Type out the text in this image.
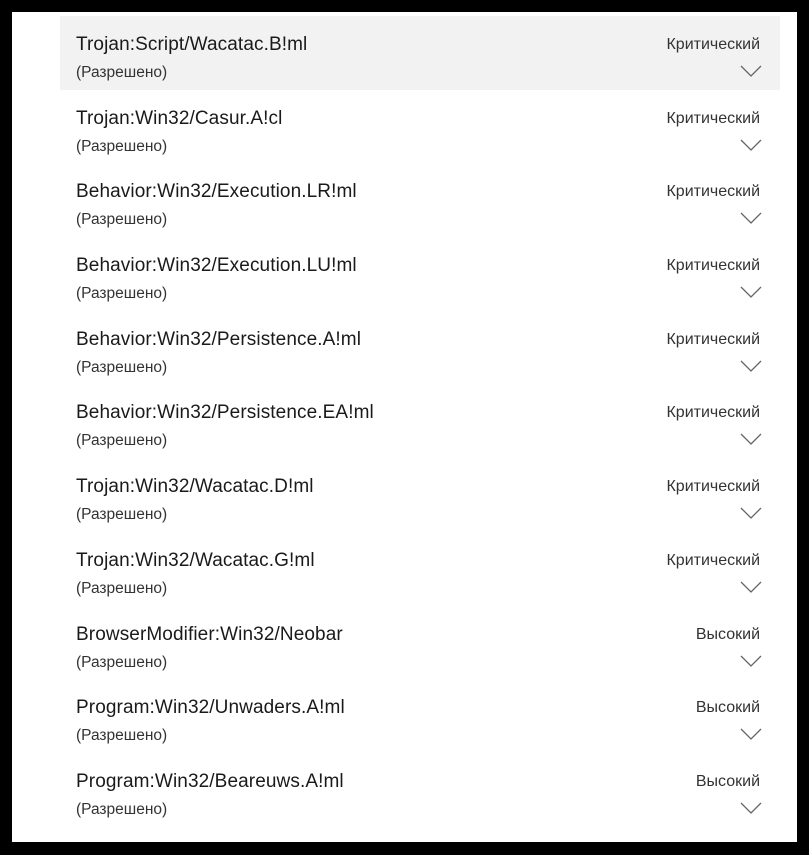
Trojan:Script/Wacatac.B!ml
(Разрешено)
Критический
Trojan:Win32/Casur.A!cl
(Разрешено)
Критический
Behavior:Win32/Execution.LR!ml
(Разрешено)
Критический
Behavior:Win32/Execution.LU!ml
(Разрешено)
Критический
Behavior:Win32/Persistence.A!ml
(Разрешено)
Критический
Behavior:Win32/Persistence.EA!ml
(Разрешено)
Критический
Trojan:Win32/Wacatac.D!ml
(Разрешено)
Критический
Trojan:Win32/Wacatac.G!ml
(Разрешено)
Критический
BrowserModifier:Win32/Neobar
(Разрешено)
Высокий
Program:Win32/Unwaders.A!ml
(Разрешено)
Высокий
Program:Win32/Beareuws.A!ml
(Разрешено)
Высокий
